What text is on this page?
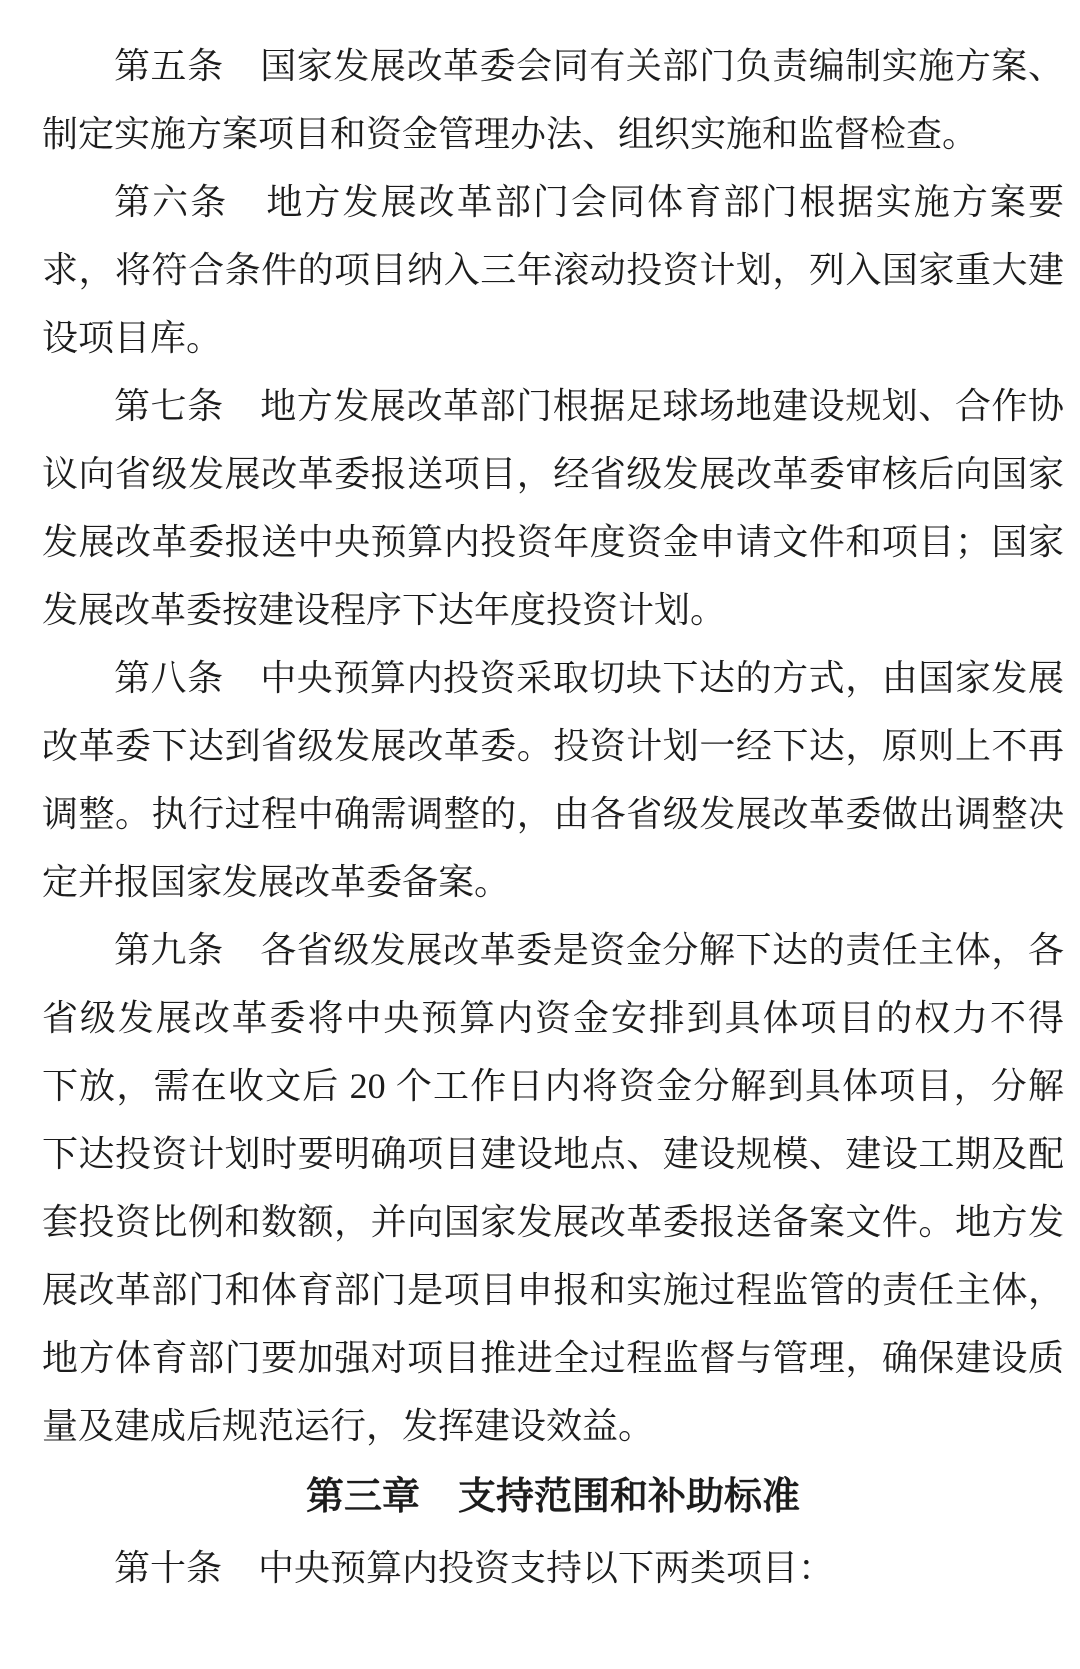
第五条　国家发展改革委会同有关部门负责编制实施方案、
制定实施方案项目和资金管理办法、组织实施和监督检查。
第六条　地方发展改革部门会同体育部门根据实施方案要
求，将符合条件的项目纳入三年滚动投资计划，列入国家重大建
设项目库。
第七条　地方发展改革部门根据足球场地建设规划、合作协
议向省级发展改革委报送项目，经省级发展改革委审核后向国家
发展改革委报送中央预算内投资年度资金申请文件和项目；国家
发展改革委按建设程序下达年度投资计划。
第八条　中央预算内投资采取切块下达的方式，由国家发展
改革委下达到省级发展改革委。投资计划一经下达，原则上不再
调整。执行过程中确需调整的，由各省级发展改革委做出调整决
定并报国家发展改革委备案。
第九条　各省级发展改革委是资金分解下达的责任主体，各
省级发展改革委将中央预算内资金安排到具体项目的权力不得
下放，需在收文后 20 个工作日内将资金分解到具体项目，分解
下达投资计划时要明确项目建设地点、建设规模、建设工期及配
套投资比例和数额，并向国家发展改革委报送备案文件。地方发
展改革部门和体育部门是项目申报和实施过程监管的责任主体，
地方体育部门要加强对项目推进全过程监督与管理，确保建设质
量及建成后规范运行，发挥建设效益。
第三章　支持范围和补助标准
第十条　中央预算内投资支持以下两类项目：
